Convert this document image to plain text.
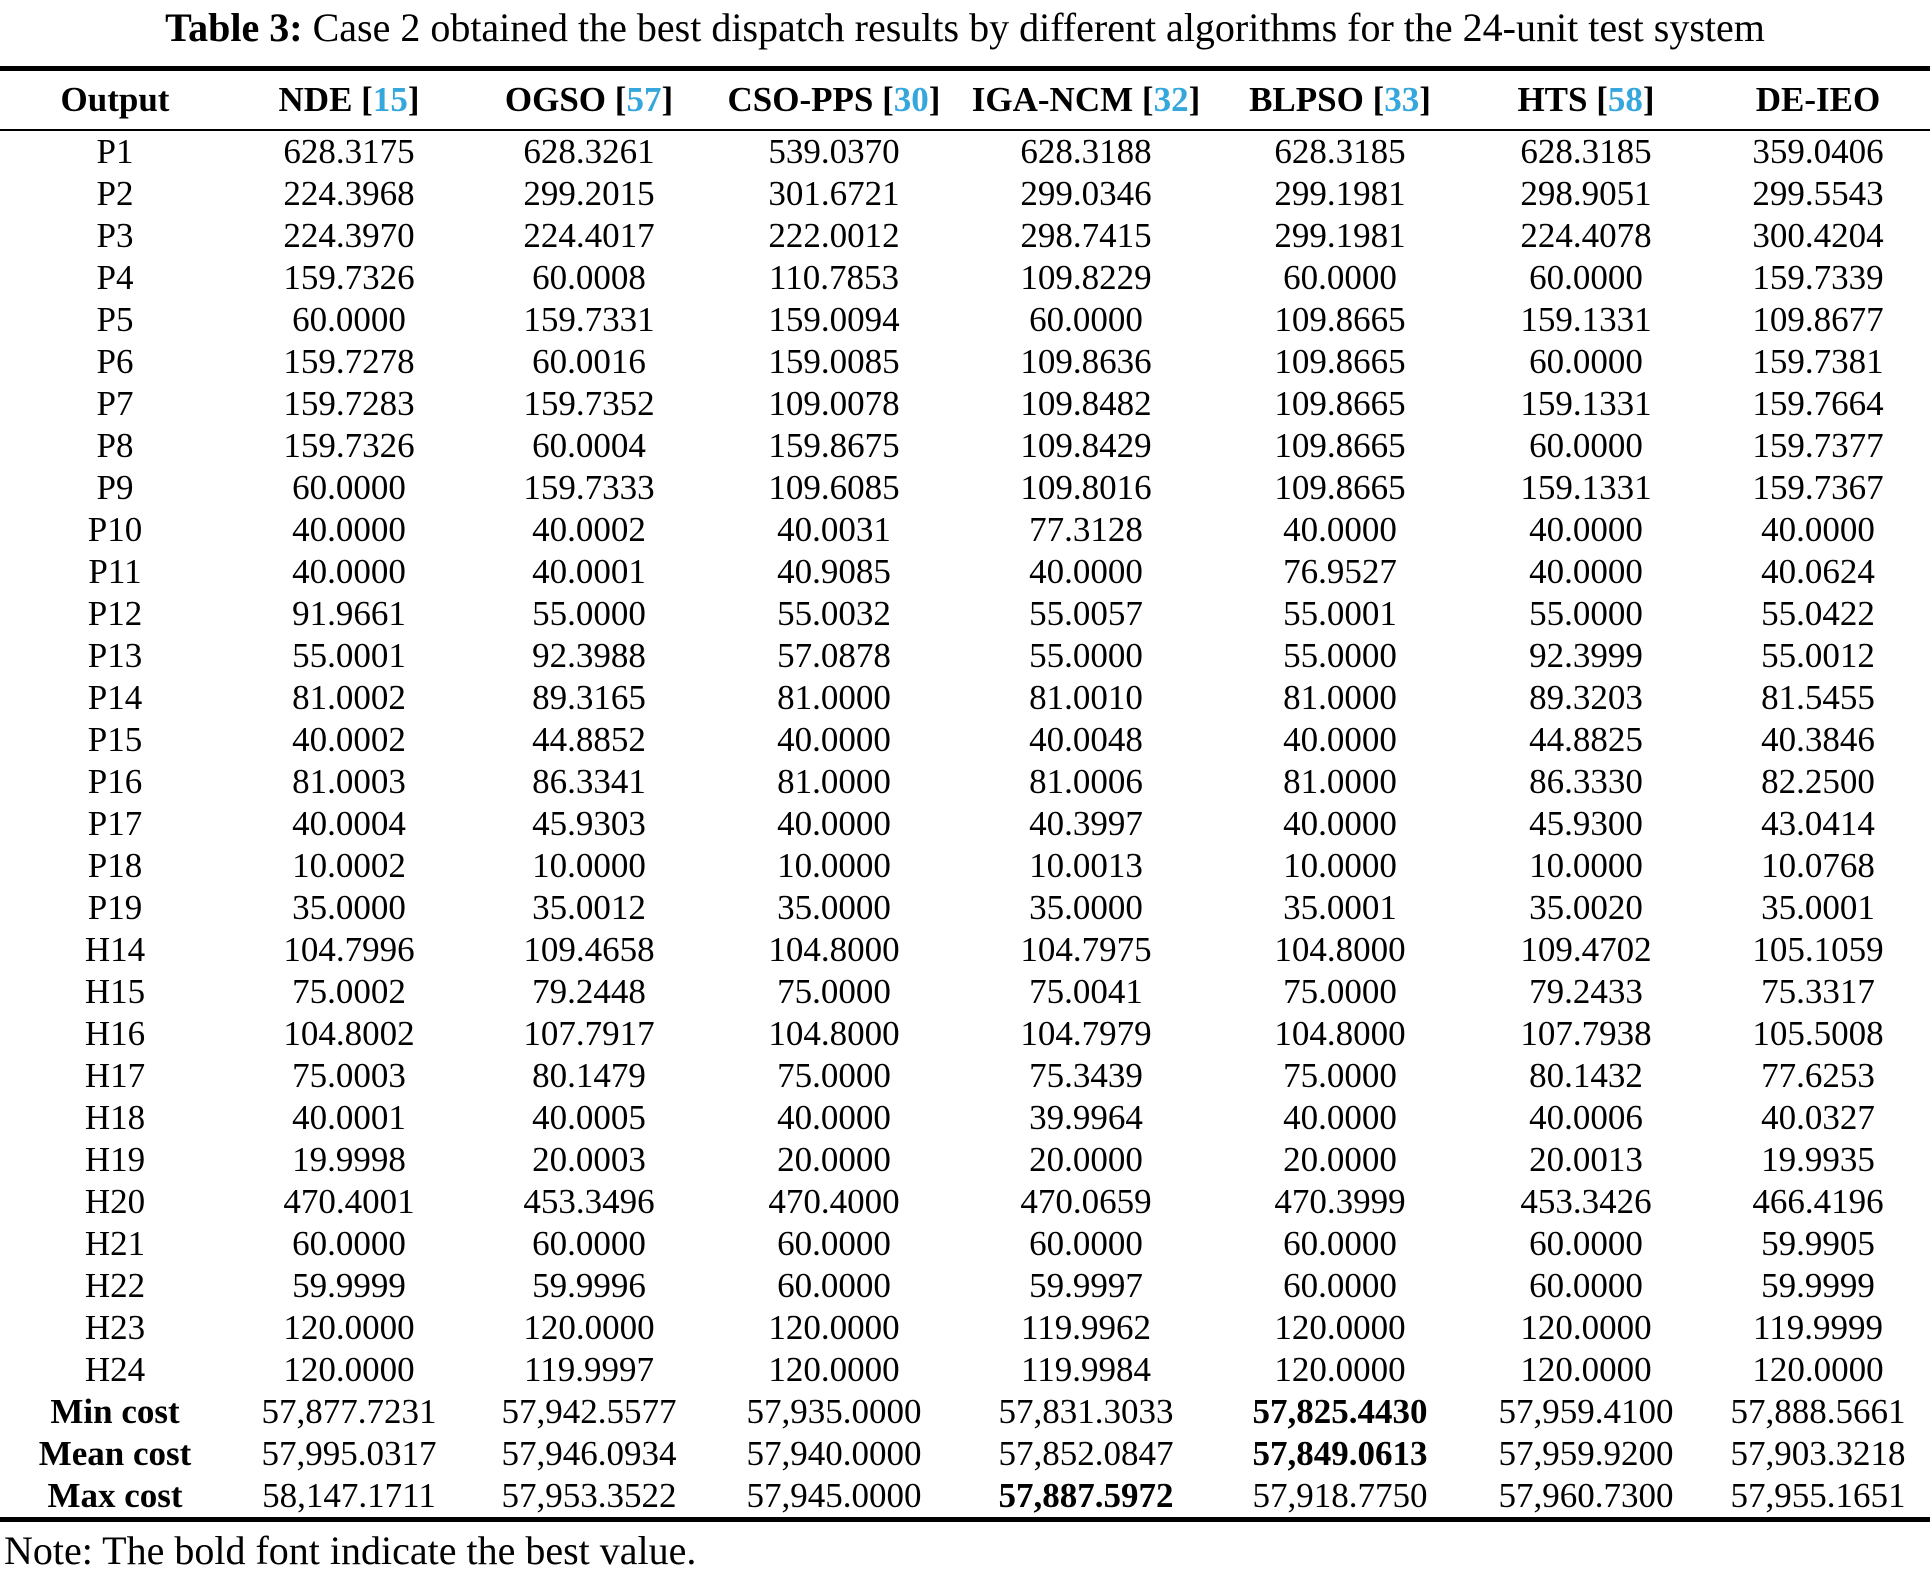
Table 3: Case 2 obtained the best dispatch results by different algorithms for the 24-unit test system
Output	NDE [15]	OGSO [57]	CSO-PPS [30]	IGA-NCM [32]	BLPSO [33]	HTS [58]	DE-IEO
P1	628.3175	628.3261	539.0370	628.3188	628.3185	628.3185	359.0406
P2	224.3968	299.2015	301.6721	299.0346	299.1981	298.9051	299.5543
P3	224.3970	224.4017	222.0012	298.7415	299.1981	224.4078	300.4204
P4	159.7326	60.0008	110.7853	109.8229	60.0000	60.0000	159.7339
P5	60.0000	159.7331	159.0094	60.0000	109.8665	159.1331	109.8677
P6	159.7278	60.0016	159.0085	109.8636	109.8665	60.0000	159.7381
P7	159.7283	159.7352	109.0078	109.8482	109.8665	159.1331	159.7664
P8	159.7326	60.0004	159.8675	109.8429	109.8665	60.0000	159.7377
P9	60.0000	159.7333	109.6085	109.8016	109.8665	159.1331	159.7367
P10	40.0000	40.0002	40.0031	77.3128	40.0000	40.0000	40.0000
P11	40.0000	40.0001	40.9085	40.0000	76.9527	40.0000	40.0624
P12	91.9661	55.0000	55.0032	55.0057	55.0001	55.0000	55.0422
P13	55.0001	92.3988	57.0878	55.0000	55.0000	92.3999	55.0012
P14	81.0002	89.3165	81.0000	81.0010	81.0000	89.3203	81.5455
P15	40.0002	44.8852	40.0000	40.0048	40.0000	44.8825	40.3846
P16	81.0003	86.3341	81.0000	81.0006	81.0000	86.3330	82.2500
P17	40.0004	45.9303	40.0000	40.3997	40.0000	45.9300	43.0414
P18	10.0002	10.0000	10.0000	10.0013	10.0000	10.0000	10.0768
P19	35.0000	35.0012	35.0000	35.0000	35.0001	35.0020	35.0001
H14	104.7996	109.4658	104.8000	104.7975	104.8000	109.4702	105.1059
H15	75.0002	79.2448	75.0000	75.0041	75.0000	79.2433	75.3317
H16	104.8002	107.7917	104.8000	104.7979	104.8000	107.7938	105.5008
H17	75.0003	80.1479	75.0000	75.3439	75.0000	80.1432	77.6253
H18	40.0001	40.0005	40.0000	39.9964	40.0000	40.0006	40.0327
H19	19.9998	20.0003	20.0000	20.0000	20.0000	20.0013	19.9935
H20	470.4001	453.3496	470.4000	470.0659	470.3999	453.3426	466.4196
H21	60.0000	60.0000	60.0000	60.0000	60.0000	60.0000	59.9905
H22	59.9999	59.9996	60.0000	59.9997	60.0000	60.0000	59.9999
H23	120.0000	120.0000	120.0000	119.9962	120.0000	120.0000	119.9999
H24	120.0000	119.9997	120.0000	119.9984	120.0000	120.0000	120.0000
Min cost	57,877.7231	57,942.5577	57,935.0000	57,831.3033	57,825.4430	57,959.4100	57,888.5661
Mean cost	57,995.0317	57,946.0934	57,940.0000	57,852.0847	57,849.0613	57,959.9200	57,903.3218
Max cost	58,147.1711	57,953.3522	57,945.0000	57,887.5972	57,918.7750	57,960.7300	57,955.1651
Note: The bold font indicate the best value.
